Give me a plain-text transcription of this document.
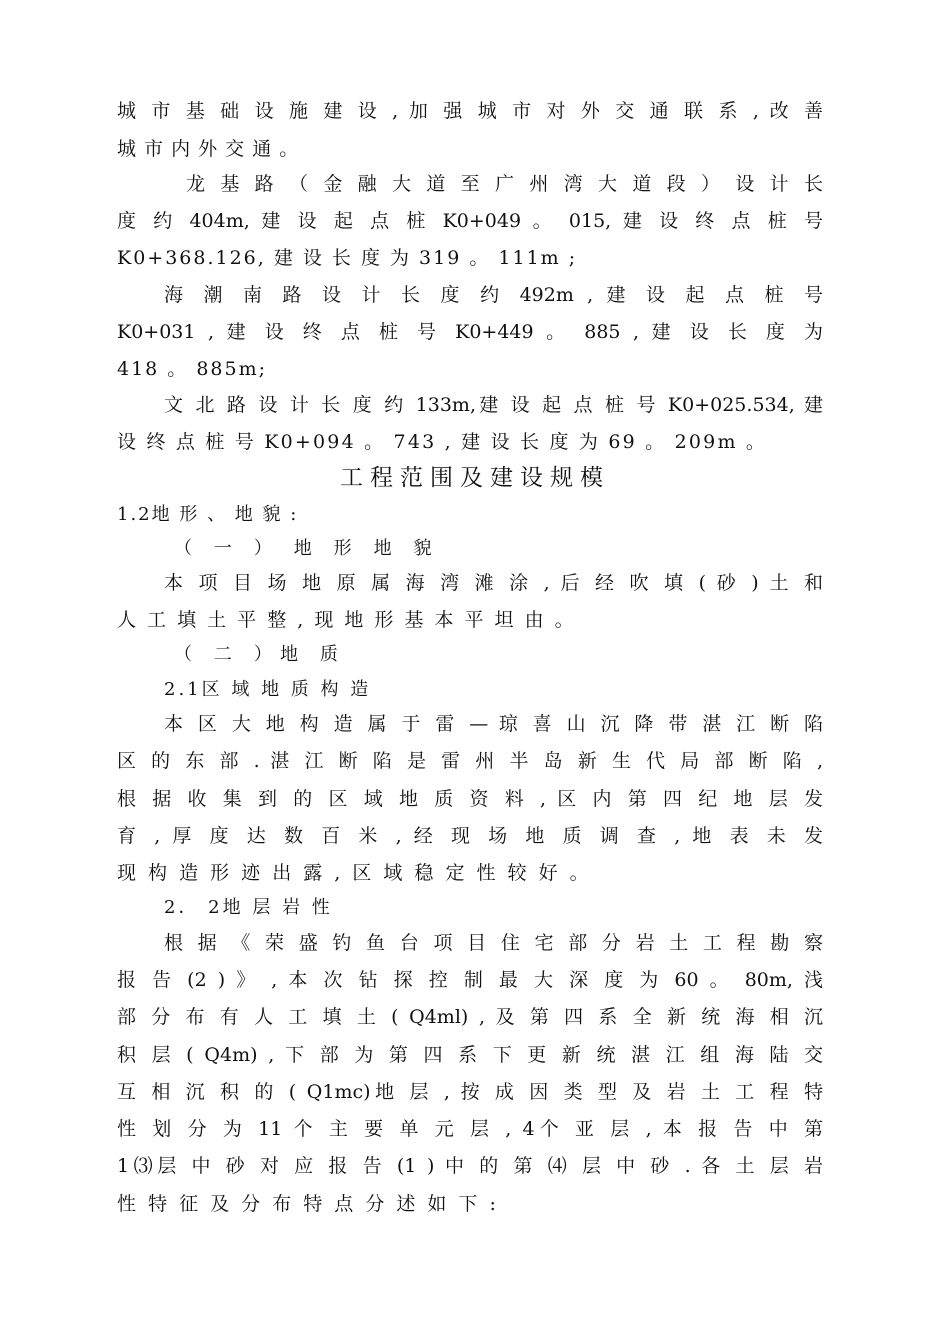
城 市 基 础 设 施 建 设 , 加 强 城 市 对 外 交 通 联 系 , 改 善
城 市 内 外 交 通 。
龙 基 路 （ 金 融 大 道 至 广 州 湾 大 道 段 ） 设 计 长
度 约 404m, 建 设 起 点 桩 K0+049 。 015, 建 设 终 点 桩 号
K0+368.126, 建 设 长 度 为 319 。 111m ;
海 潮 南 路 设 计 长 度 约 492m , 建 设 起 点 桩 号
K0+031 , 建 设 终 点 桩 号 K0+449 。 885 , 建 设 长 度 为
418 。 885m;
文 北 路 设 计 长 度 约 133m,建 设 起 点 桩 号 K0+025.534, 建
设 终 点 桩 号 K0+094 。 743 , 建 设 长 度 为 69 。 209m 。
工程范围及建设规模
1.2地 形 、 地 貌 :
（ 一 ） 地 形 地 貌
本 项 目 场 地 原 属 海 湾 滩 涂 , 后 经 吹 填 ( 砂 ) 土 和
人 工 填 土 平 整 , 现 地 形 基 本 平 坦 由 。
（ 二 ）地 质
2.1区 域 地 质 构 造
本 区 大 地 构 造 属 于 雷 — 琼 喜 山 沉 降 带 湛 江 断 陷
区 的 东 部 . 湛 江 断 陷 是 雷 州 半 岛 新 生 代 局 部 断 陷 ,
根 据 收 集 到 的 区 域 地 质 资 料 , 区 内 第 四 纪 地 层 发
育 , 厚 度 达 数 百 米 , 经 现 场 地 质 调 查 , 地 表 未 发
现 构 造 形 迹 出 露 , 区 域 稳 定 性 较 好 。
2． 2地 层 岩 性
根 据 《 荣 盛 钓 鱼 台 项 目 住 宅 部 分 岩 土 工 程 勘 察
报 告 (2 ) 》 , 本 次 钻 探 控 制 最 大 深 度 为 60 。 80m, 浅
部 分 布 有 人 工 填 土 ( Q4ml) , 及 第 四 系 全 新 统 海 相 沉
积 层 ( Q4m) , 下 部 为 第 四 系 下 更 新 统 湛 江 组 海 陆 交
互 相 沉 积 的 ( Q1mc)地 层 , 按 成 因 类 型 及 岩 土 工 程 特
性 划 分 为 11 个 主 要 单 元 层 , 4个 亚 层 , 本 报 告 中 第
1⑶层 中 砂 对 应 报 告 (1 ) 中 的 第 ⑷ 层 中 砂 . 各 土 层 岩
性 特 征 及 分 布 特 点 分 述 如 下 :
